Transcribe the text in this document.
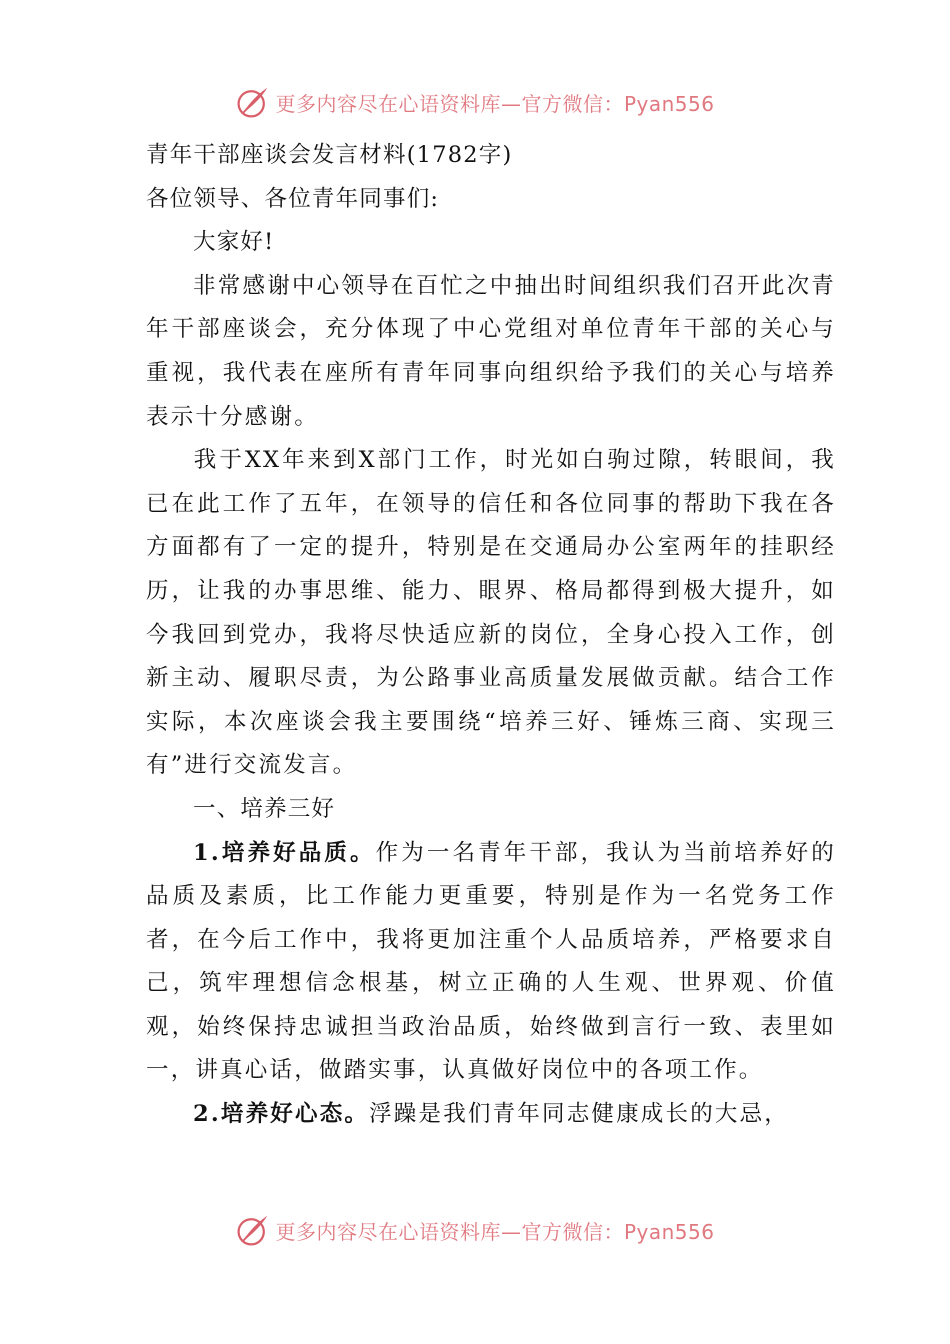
更多内容尽在心语资料库—官方微信：Pyan556
青年干部座谈会发言材料(1782字)
各位领导、各位青年同事们:
大家好!
非常感谢中心领导在百忙之中抽出时间组织我们召开此次青年干部座谈会，充分体现了中心党组对单位青年干部的关心与重视，我代表在座所有青年同事向组织给予我们的关心与培养表示十分感谢。
我于XX年来到X部门工作，时光如白驹过隙，转眼间，我已在此工作了五年，在领导的信任和各位同事的帮助下我在各方面都有了一定的提升，特别是在交通局办公室两年的挂职经历，让我的办事思维、能力、眼界、格局都得到极大提升，如今我回到党办，我将尽快适应新的岗位，全身心投入工作，创新主动、履职尽责，为公路事业高质量发展做贡献。结合工作实际，本次座谈会我主要围绕“培养三好、锤炼三商、实现三有”进行交流发言。
一、培养三好
1.培养好品质。作为一名青年干部，我认为当前培养好的品质及素质，比工作能力更重要，特别是作为一名党务工作者，在今后工作中，我将更加注重个人品质培养，严格要求自己，筑牢理想信念根基，树立正确的人生观、世界观、价值观，始终保持忠诚担当政治品质，始终做到言行一致、表里如一，讲真心话，做踏实事，认真做好岗位中的各项工作。
2.培养好心态。浮躁是我们青年同志健康成长的大忌，
更多内容尽在心语资料库—官方微信：Pyan556
